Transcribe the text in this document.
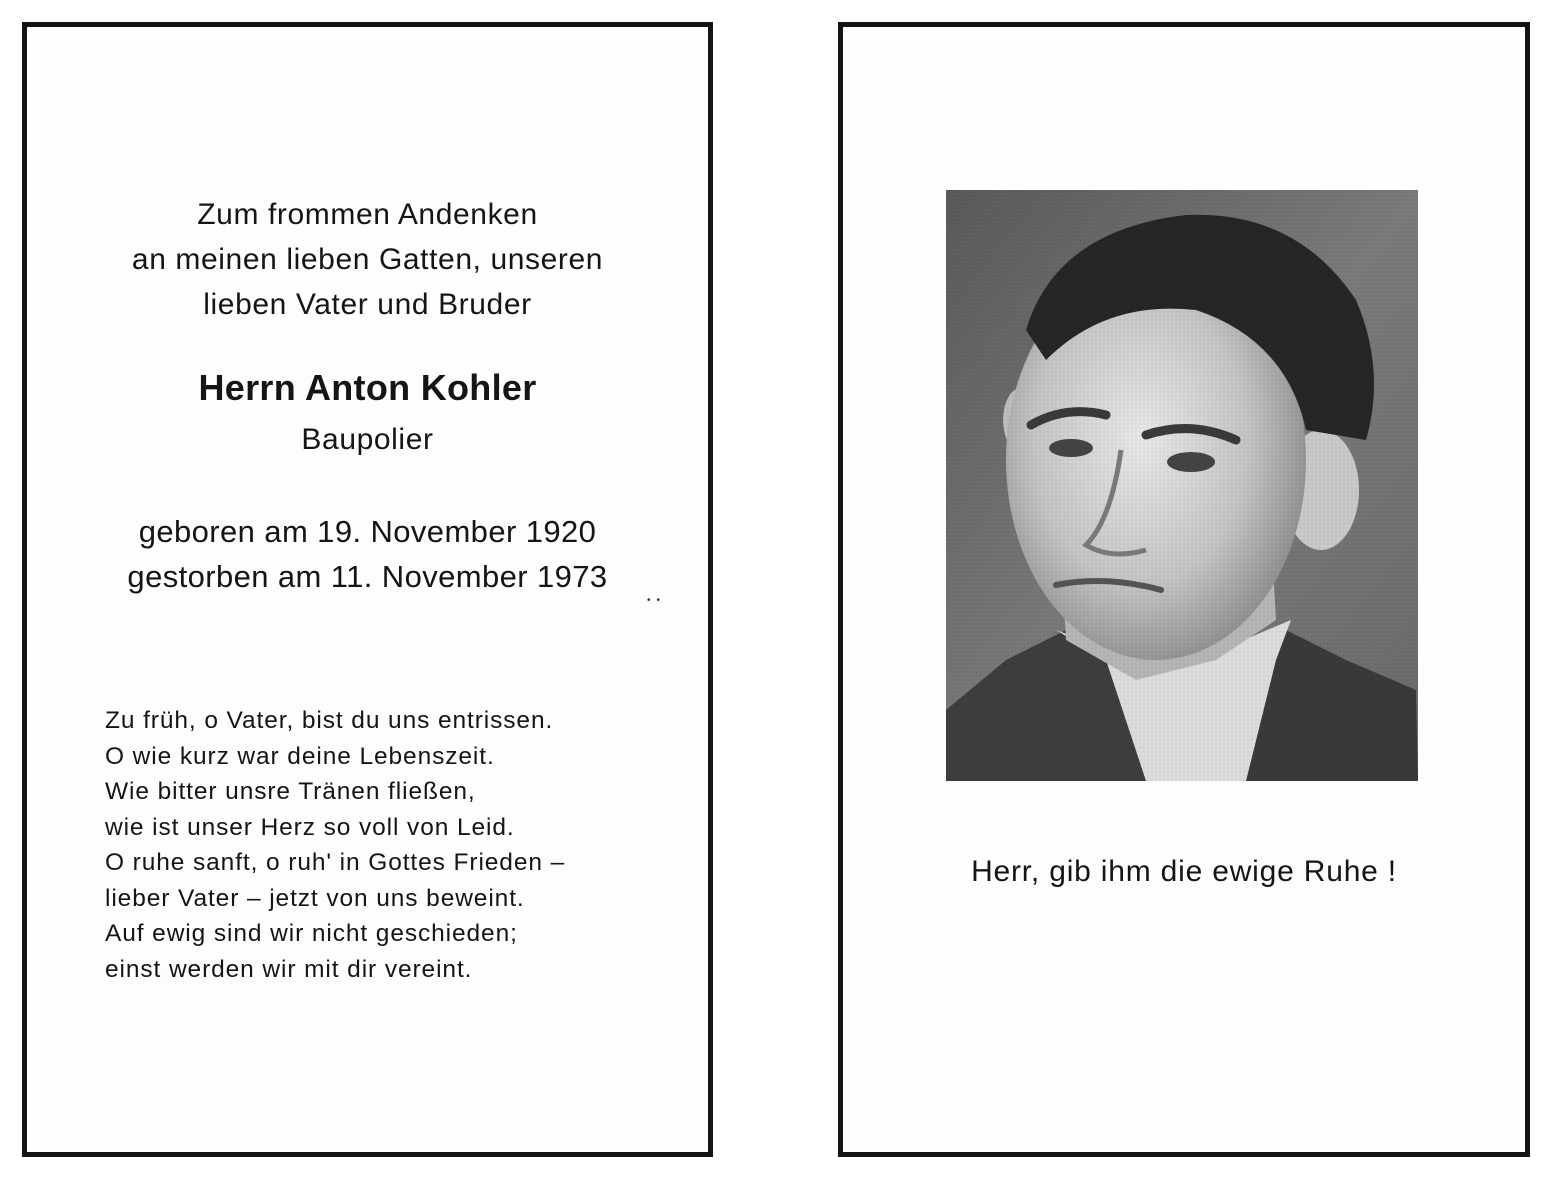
Zum frommen Andenken
an meinen lieben Gatten, unseren
lieben Vater und Bruder
Herrn Anton Kohler
Baupolier
geboren am 19. November 1920
gestorben am 11. November 1973
••
Zu früh, o Vater, bist du uns entrissen.
O wie kurz war deine Lebenszeit.
Wie bitter unsre Tränen fließen,
wie ist unser Herz so voll von Leid.
O ruhe sanft, o ruh' in Gottes Frieden –
lieber Vater – jetzt von uns beweint.
Auf ewig sind wir nicht geschieden;
einst werden wir mit dir vereint.
Herr, gib ihm die ewige Ruhe !
